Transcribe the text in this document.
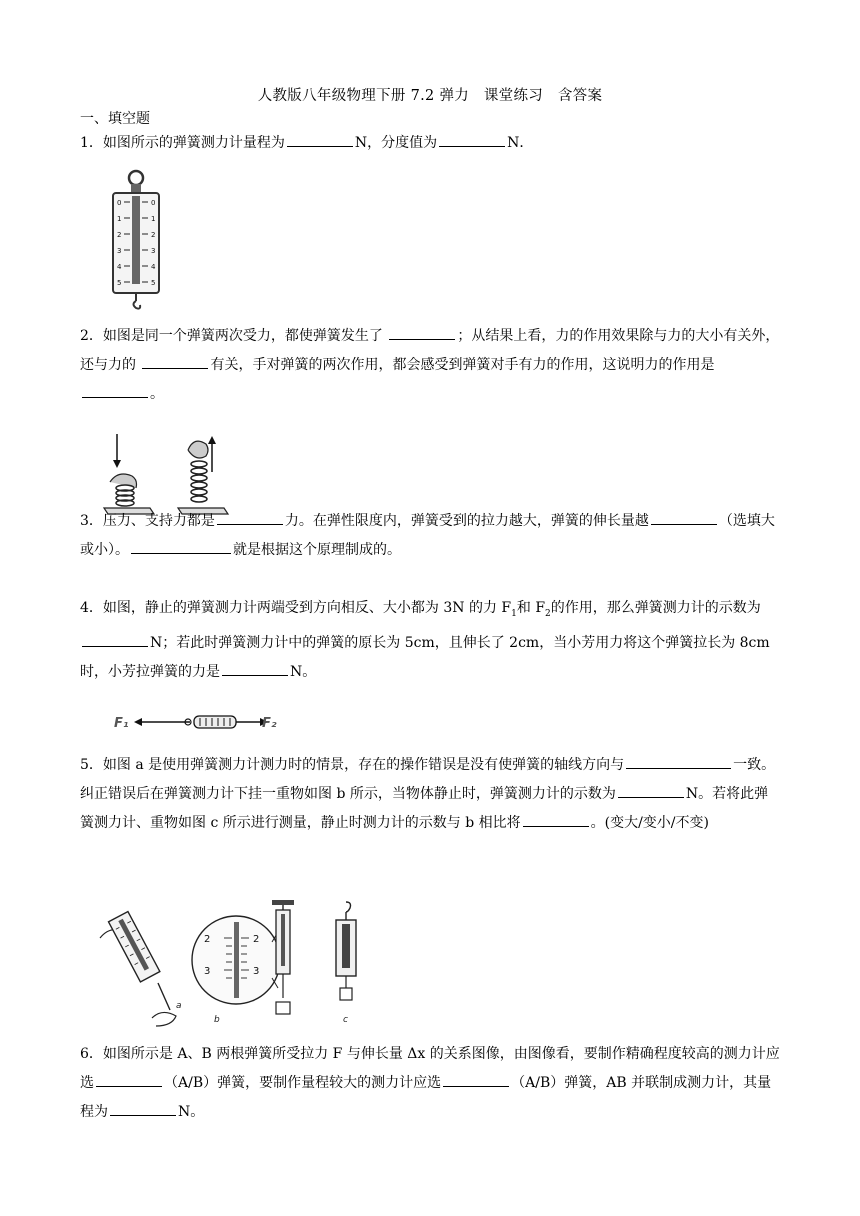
人教版八年级物理下册 7.2 弹力　课堂练习　含答案
一、填空题

1．如图所示的弹簧测力计量程为	N，分度值为	N．

0	0
1	1
2	2
3	3
4	4
5	5

2．如图是同一个弹簧两次受力，都使弹簧发生了	；从结果上看，力的作用效果除与力的大小有关外，还与力的	有关，手对弹簧的两次作用，都会感受到弹簧对手有力的作用，这说明力的作用是 。

3．压力、支持力都是	力。在弹性限度内，弹簧受到的拉力越大，弹簧的伸长量越	（选填大或小）。	就是根据这个原理制成的。

4．如图，静止的弹簧测力计两端受到方向相反、大小都为 3N 的力 $F_1$和 $F_2$的作用，那么弹簧测力计的示数为N；若此时弹簧测力计中的弹簧的原长为 5cm，且伸长了 2cm，当小芳用力将这个弹簧拉长为 8cm 时，小芳拉弹簧的力是	N。

F₁	F₂

5．如图 a 是使用弹簧测力计测力时的情景，存在的操作错误是没有使弹簧的轴线方向与	一致。纠正错误后在弹簧测力计下挂一重物如图 b 所示，当物体静止时，弹簧测力计的示数为	N。若将此弹簧测力计、重物如图 c 所示进行测量，静止时测力计的示数与 b 相比将	。(变大/变小/不变)

a
2	2
3	3
b	c

6．如图所示是 A、B 两根弹簧所受拉力 F 与伸长量 Δx 的关系图像，由图像看，要制作精确程度较高的测力计应选	（A/B）弹簧，要制作量程较大的测力计应选	（A/B）弹簧，AB 并联制成测力计，其量程为	N。
